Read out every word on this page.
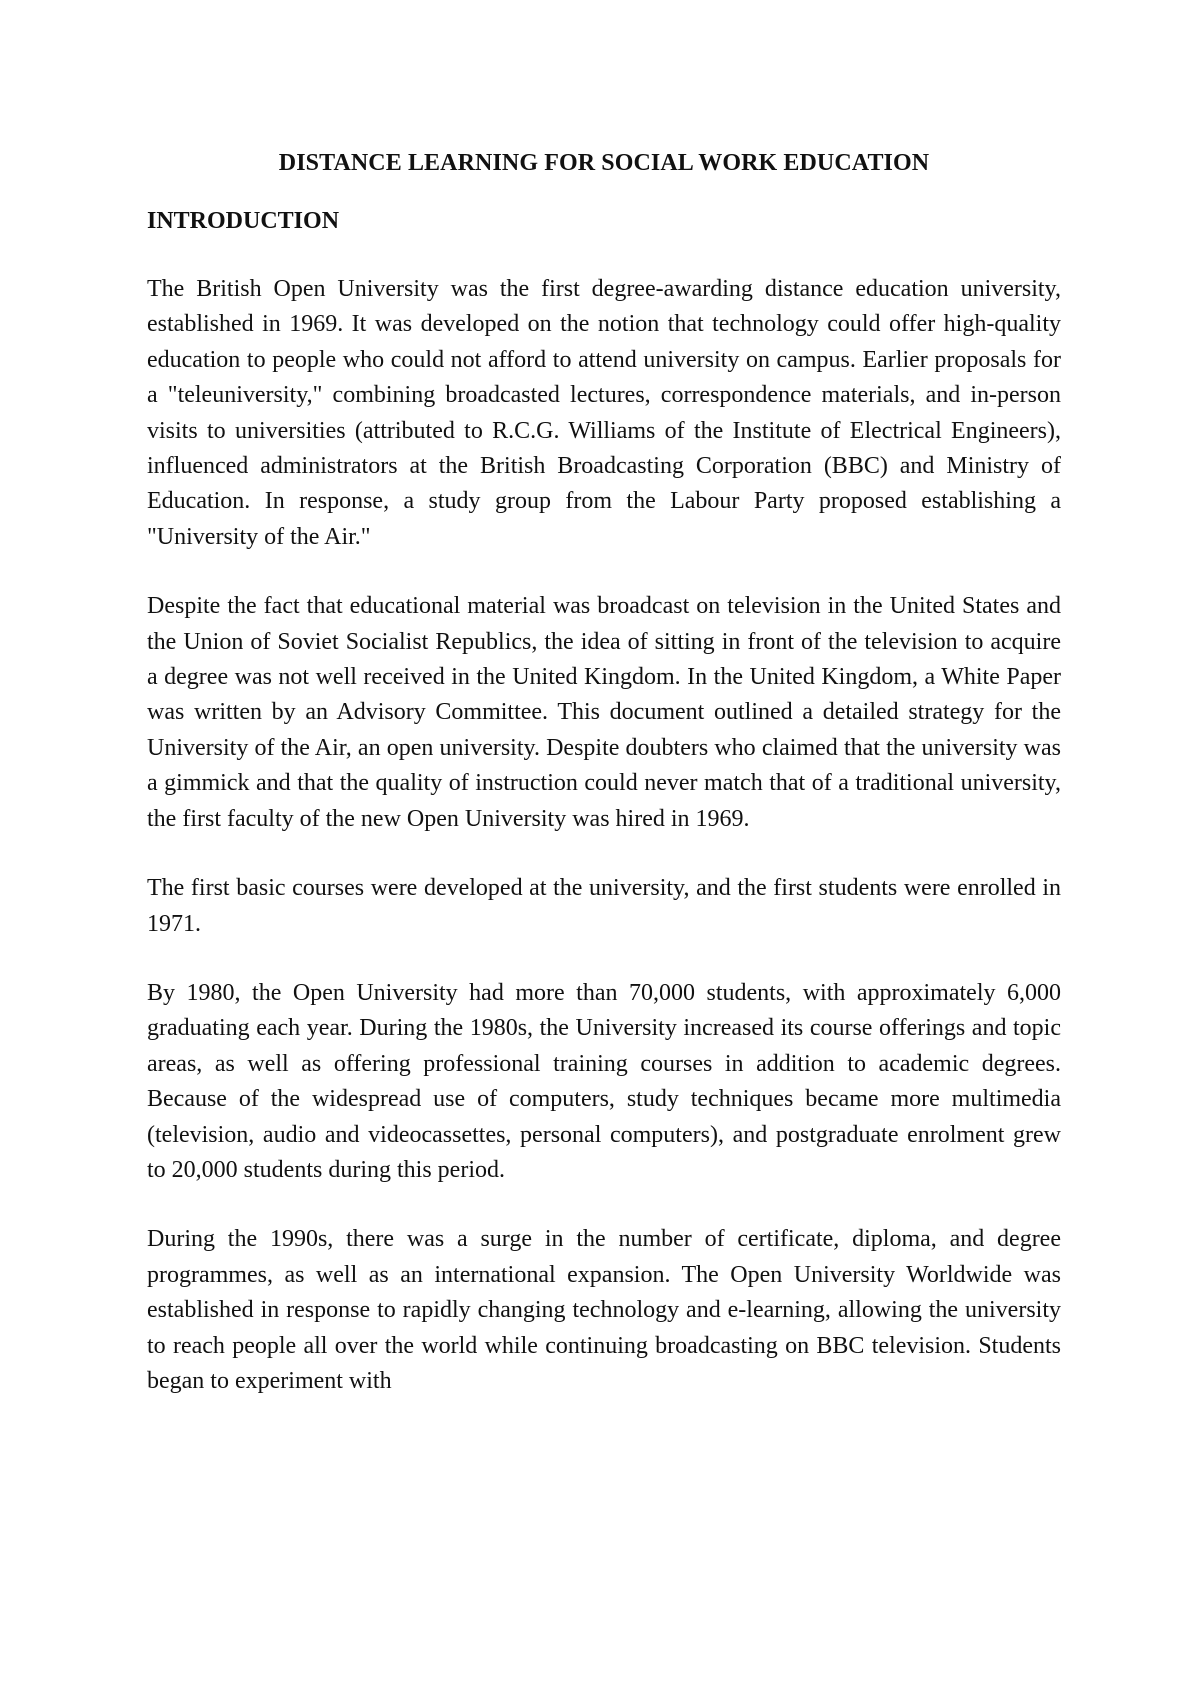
DISTANCE LEARNING FOR SOCIAL WORK EDUCATION
INTRODUCTION

The British Open University was the first degree-awarding distance education university, established in 1969. It was developed on the notion that technology could offer high-quality education to people who could not afford to attend university on campus. Earlier proposals for a "teleuniversity," combining broadcasted lectures, correspondence materials, and in-person visits to universities (attributed to R.C.G. Williams of the Institute of Electrical Engineers), influenced administrators at the British Broadcasting Corporation (BBC) and Ministry of Education. In response, a study group from the Labour Party proposed establishing a "University of the Air."

Despite the fact that educational material was broadcast on television in the United States and the Union of Soviet Socialist Republics, the idea of sitting in front of the television to acquire a degree was not well received in the United Kingdom. In the United Kingdom, a White Paper was written by an Advisory Committee. This document outlined a detailed strategy for the University of the Air, an open university. Despite doubters who claimed that the university was a gimmick and that the quality of instruction could never match that of a traditional university, the first faculty of the new Open University was hired in 1969.

The first basic courses were developed at the university, and the first students were enrolled in 1971.

By 1980, the Open University had more than 70,000 students, with approximately 6,000 graduating each year. During the 1980s, the University increased its course offerings and topic areas, as well as offering professional training courses in addition to academic degrees. Because of the widespread use of computers, study techniques became more multimedia (television, audio and videocassettes, personal computers), and postgraduate enrolment grew to 20,000 students during this period.

During the 1990s, there was a surge in the number of certificate, diploma, and degree programmes, as well as an international expansion. The Open University Worldwide was established in response to rapidly changing technology and e-learning, allowing the university to reach people all over the world while continuing broadcasting on BBC television. Students began to experiment with
